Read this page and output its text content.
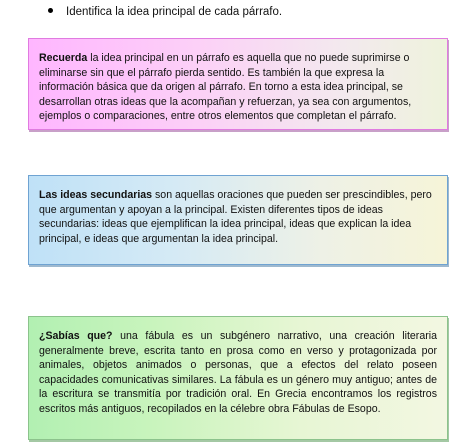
Identifica la idea principal de cada párrafo.

Recuerda la idea principal en un párrafo es aquella que no puede suprimirse o eliminarse sin que el párrafo pierda sentido. Es también la que expresa la información básica que da origen al párrafo. En torno a esta idea principal, se desarrollan otras ideas que la acompañan y refuerzan, ya sea con argumentos, ejemplos o comparaciones, entre otros elementos que completan el párrafo.

Las ideas secundarias son aquellas oraciones que pueden ser prescindibles, pero que argumentan y apoyan a la principal. Existen diferentes tipos de ideas secundarias: ideas que ejemplifican la idea principal, ideas que explican la idea principal, e ideas que argumentan la idea principal.

¿Sabías que? una fábula es un subgénero narrativo, una creación literaria generalmente breve, escrita tanto en prosa como en verso y protagonizada por animales, objetos animados o personas, que a efectos del relato poseen capacidades comunicativas similares. La fábula es un género muy antiguo; antes de la escritura se transmitía por tradición oral. En Grecia encontramos los registros escritos más antiguos, recopilados en la célebre obra Fábulas de Esopo.
